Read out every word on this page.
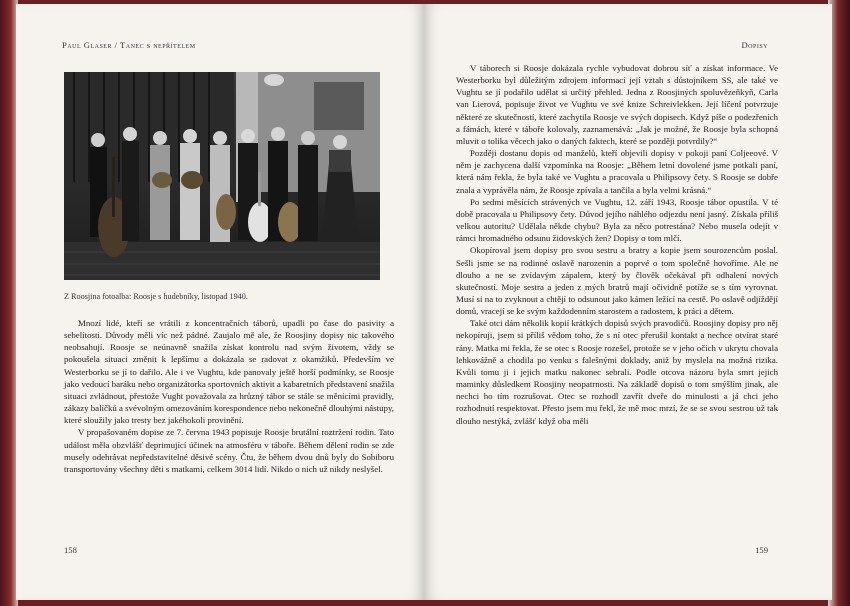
Paul Glaser / Tanec s nepřítelem
Z Roosjina fotoalba: Roosje s hudebníky, listopad 1940.

Mnozí lidé, kteří se vrátili z koncentračních táborů, upadli po čase do pasivity a sebelítosti. Důvody měli víc než pádné. Zaujalo mě ale, že Roosjiny dopisy nic takového neobsahují. Roosje se neúnavně snažila získat kontrolu nad svým životem, vždy se pokoušela situaci změnit k lepšímu a dokázala se radovat z okamžiků. Především ve Westerborku se jí to dařilo. Ale i ve Vughtu, kde panovaly ještě horší podmínky, se Roosje jako vedoucí baráku nebo organizátorka sportovních aktivit a kabaretních představení snažila situaci zvládnout, přestože Vught považovala za hrůzný tábor se stále se měnícími pravidly, zákazy balíčků a svévolným omezováním korespondence nebo nekonečně dlouhými nástupy, které sloužily jako tresty bez jakéhokoli provinění.

V propašovaném dopise ze 7. června 1943 popisuje Roosje brutální roztržení rodin. Tato událost měla obzvlášť deprimující účinek na atmosféru v táboře. Během dělení rodin se zde musely odehrávat nepředstavitelné děsivé scény. Čtu, že během dvou dnů byly do Sobiboru transportovány všechny děti s matkami, celkem 3014 lidí. Nikdo o nich už nikdy neslyšel.

158
Dopisy

V táborech si Roosje dokázala rychle vybudovat dobrou síť a získat informace. Ve Westerborku byl důležitým zdrojem informací její vztah s důstojníkem SS, ale také ve Vughtu se jí podařilo udělat si určitý přehled. Jedna z Roosjiných spoluvězeňkyň, Carla van Lierová, popisuje život ve Vughtu ve své knize Schreivlekken. Její líčení potvrzuje některé ze skutečností, které zachytila Roosje ve svých dopisech. Když píše o podezřeních a fámách, které v táboře kolovaly, zaznamenává: „Jak je možné, že Roosje byla schopná mluvit o tolika věcech jako o daných faktech, které se později potvrdily?“

Později dostanu dopis od manželů, kteří objevili dopisy v pokoji paní Coljeeové. V něm je zachycena další vzpomínka na Roosje: „Během letní dovolené jsme potkali paní, která nám řekla, že byla také ve Vughtu a pracovala u Philipsovy čety. S Roosje se dobře znala a vyprávěla nám, že Roosje zpívala a tančila a byla velmi krásná.“

Po sedmi měsících strávených ve Vughtu, 12. září 1943, Roosje tábor opustila. V té době pracovala u Philipsovy čety. Důvod jejího náhlého odjezdu není jasný. Získala příliš velkou autoritu? Udělala někde chybu? Byla za něco potrestána? Nebo musela odejít v rámci hromadného odsunu židovských žen? Dopisy o tom mlčí.

Okopíroval jsem dopisy pro svou sestru a bratry a kopie jsem sourozencům poslal. Sešli jsme se na rodinné oslavě narozenin a poprvé o tom společně hovoříme. Ale ne dlouho a ne se zvídavým zápalem, který by člověk očekával při odhalení nových skutečností. Moje sestra a jeden z mých bratrů mají očividně potíže se s tím vyrovnat. Musí si na to zvyknout a chtějí to odsunout jako kámen ležící na cestě. Po oslavě odjíždějí domů, vracejí se ke svým každodenním starostem a radostem, k práci a dětem.

Také otci dám několik kopií krátkých dopisů svých pravodičů. Roosjiny dopisy pro něj nekopíruji, jsem si příliš vědom toho, že s ní otec přerušil kontakt a nechce otvírat staré rány. Matka mi řekla, že se otec s Roosje rozešel, protože se v jeho očích v ukrytu chovala lehkovážně a chodila po venku s falešnými doklady, aniž by myslela na možná rizika. Kvůli tomu ji i jejich matku nakonec sebrali. Podle otcova názoru byla smrt jejich maminky důsledkem Roosjiny neopatrnosti. Na základě dopisů o tom smýšlím jinak, ale nechci ho tím rozrušovat. Otec se rozhodl zavřít dveře do minulosti a já chci jeho rozhodnutí respektovat. Přesto jsem mu řekl, že mě moc mrzí, že se se svou sestrou už tak dlouho nestýká, zvlášť když oba měli

159
